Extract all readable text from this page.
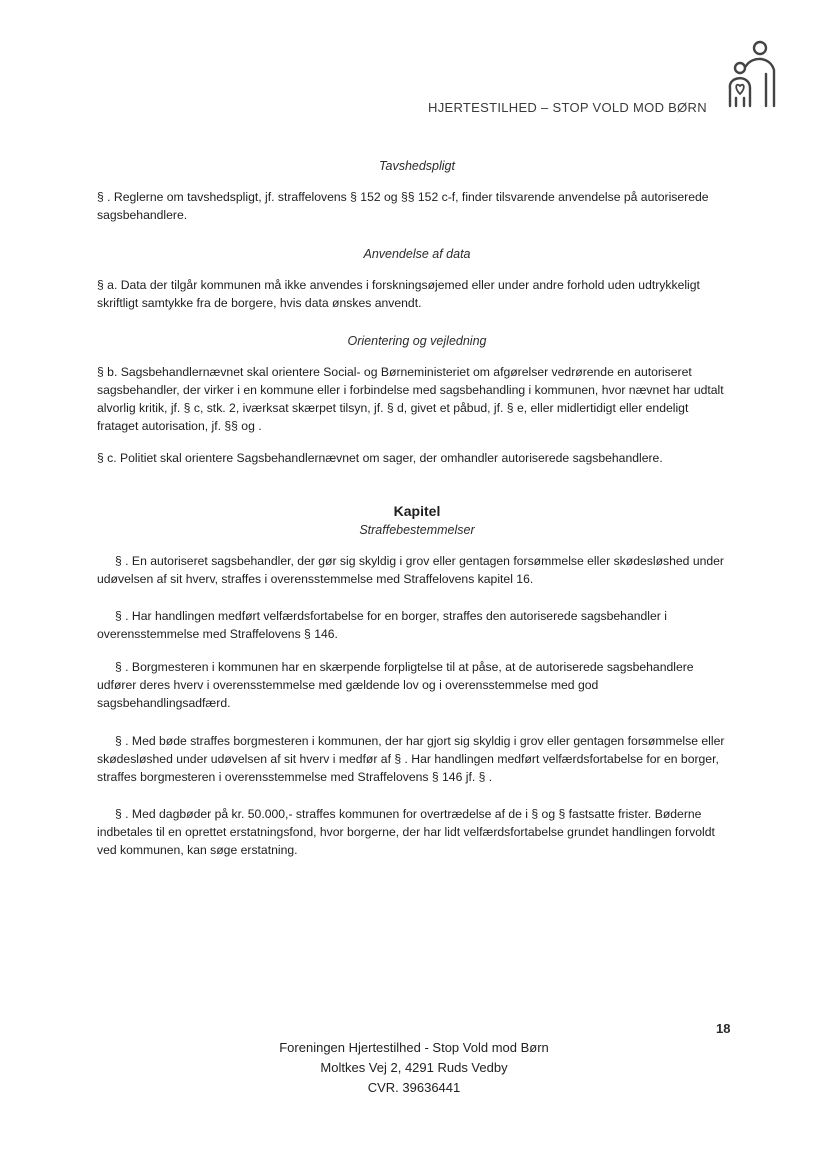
HJERTESTILHED – STOP VOLD MOD BØRN
Tavshedspligt
§ . Reglerne om tavshedspligt, jf. straffelovens § 152 og §§ 152 c-f, finder tilsvarende anvendelse på autoriserede sagsbehandlere.
Anvendelse af data
§ a. Data der tilgår kommunen må ikke anvendes i forskningsøjemed eller under andre forhold uden udtrykkeligt skriftligt samtykke fra de borgere, hvis data ønskes anvendt.
Orientering og vejledning
§ b. Sagsbehandlernævnet skal orientere Social- og Børneministeriet om afgørelser vedrørende en autoriseret sagsbehandler, der virker i en kommune eller i forbindelse med sagsbehandling i kommunen, hvor nævnet har udtalt alvorlig kritik, jf. § c, stk. 2, iværksat skærpet tilsyn, jf. § d, givet et påbud, jf. § e, eller midlertidigt eller endeligt frataget autorisation, jf. §§ og .
§ c. Politiet skal orientere Sagsbehandlernævnet om sager, der omhandler autoriserede sagsbehandlere.
Kapitel
Straffebestemmelser
§ . En autoriseret sagsbehandler, der gør sig skyldig i grov eller gentagen forsømmelse eller skødesløshed under udøvelsen af sit hverv, straffes i overensstemmelse med Straffelovens kapitel 16.
§ . Har handlingen medført velfærdsfortabelse for en borger, straffes den autoriserede sagsbehandler i overensstemmelse med Straffelovens § 146.
§ . Borgmesteren i kommunen har en skærpende forpligtelse til at påse, at de autoriserede sagsbehandlere udfører deres hverv i overensstemmelse med gældende lov og i overensstemmelse med god sagsbehandlingsadfærd.
§ . Med bøde straffes borgmesteren i kommunen, der har gjort sig skyldig i grov eller gentagen forsømmelse eller skødesløshed under udøvelsen af sit hverv i medfør af § . Har handlingen medført velfærdsfortabelse for en borger, straffes borgmesteren i overensstemmelse med Straffelovens § 146 jf. § .
§ . Med dagbøder på kr. 50.000,- straffes kommunen for overtrædelse af de i § og § fastsatte frister. Bøderne indbetales til en oprettet erstatningsfond, hvor borgerne, der har lidt velfærdsfortabelse grundet handlingen forvoldt ved kommunen, kan søge erstatning.
18
Foreningen Hjertestilhed - Stop Vold mod Børn
Moltkes Vej 2, 4291 Ruds Vedby
CVR. 39636441
